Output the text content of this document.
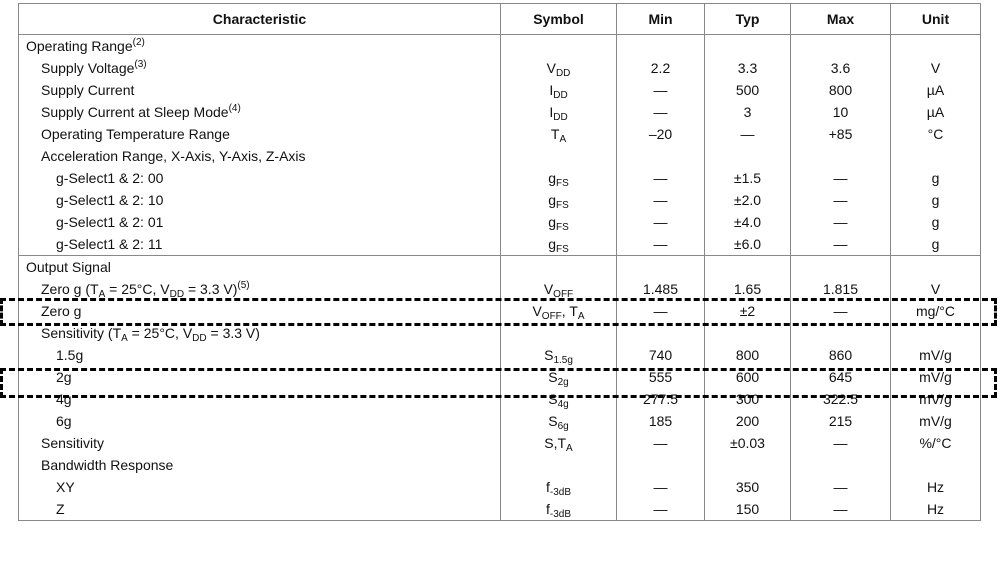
Characteristic	Symbol	Min	Typ	Max	Unit
Operating Range$^{(2)}$					
Supply Voltage$^{(3)}$	$V_{DD}$	2.2	3.3	3.6	V
Supply Current	$I_{DD}$	—	500	800	µA
Supply Current at Sleep Mode$^{(4)}$	$I_{DD}$	—	3	10	µA
Operating Temperature Range	$T_A$	–20	—	+85	°C
Acceleration Range, X-Axis, Y-Axis, Z-Axis					
g-Select1 & 2: 00	$g_{FS}$	—	±1.5	—	g
g-Select1 & 2: 10	$g_{FS}$	—	±2.0	—	g
g-Select1 & 2: 01	$g_{FS}$	—	±4.0	—	g
g-Select1 & 2: 11	$g_{FS}$	—	±6.0	—	g
Output Signal					
Zero g ($T_A = 25^\circ C$, $V_{DD} = 3.3$ V)$^{(5)}$	$V_{OFF}$	1.485	1.65	1.815	V
Zero g	$V_{OFF}$, $T_A$	—	±2	—	mg/°C
Sensitivity ($T_A = 25^\circ C$, $V_{DD} = 3.3$ V)					
1.5g	$S_{1.5g}$	740	800	860	mV/g
2g	$S_{2g}$	555	600	645	mV/g
4g	$S_{4g}$	277.5	300	322.5	mV/g
6g	$S_{6g}$	185	200	215	mV/g
Sensitivity	$S,T_A$	—	±0.03	—	%/°C
Bandwidth Response					
XY	$f_{-3dB}$	—	350	—	Hz
Z	$f_{-3dB}$	—	150	—	Hz
